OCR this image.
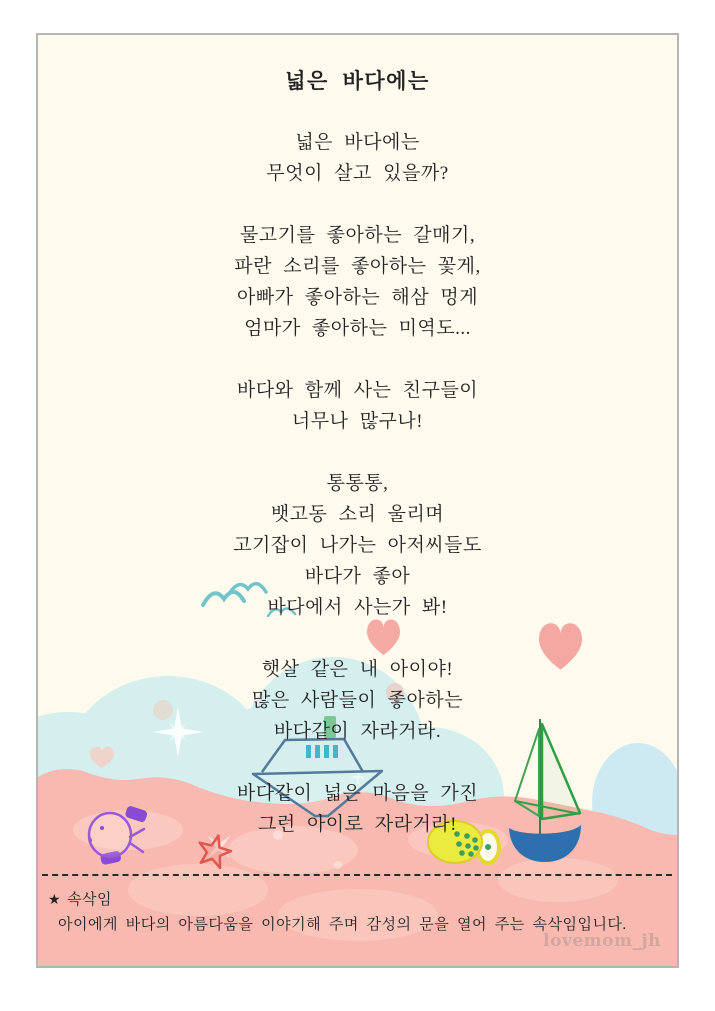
넓은 바다에는
넓은 바다에는
무엇이 살고 있을까?
물고기를 좋아하는 갈매기,
파란 소리를 좋아하는 꽃게,
아빠가 좋아하는 해삼 멍게
엄마가 좋아하는 미역도...
바다와 함께 사는 친구들이
너무나 많구나!
통통통,
뱃고동 소리 울리며
고기잡이 나가는 아저씨들도
바다가 좋아
바다에서 사는가 봐!
햇살 같은 내 아이야!
많은 사람들이 좋아하는
바다같이 자라거라.
바다같이 넓은 마음을 가진
그런 아이로 자라거라!
★ 속삭임
아이에게 바다의 아름다움을 이야기해 주며 감성의 문을 열어 주는 속삭임입니다.
lovemom_jh
